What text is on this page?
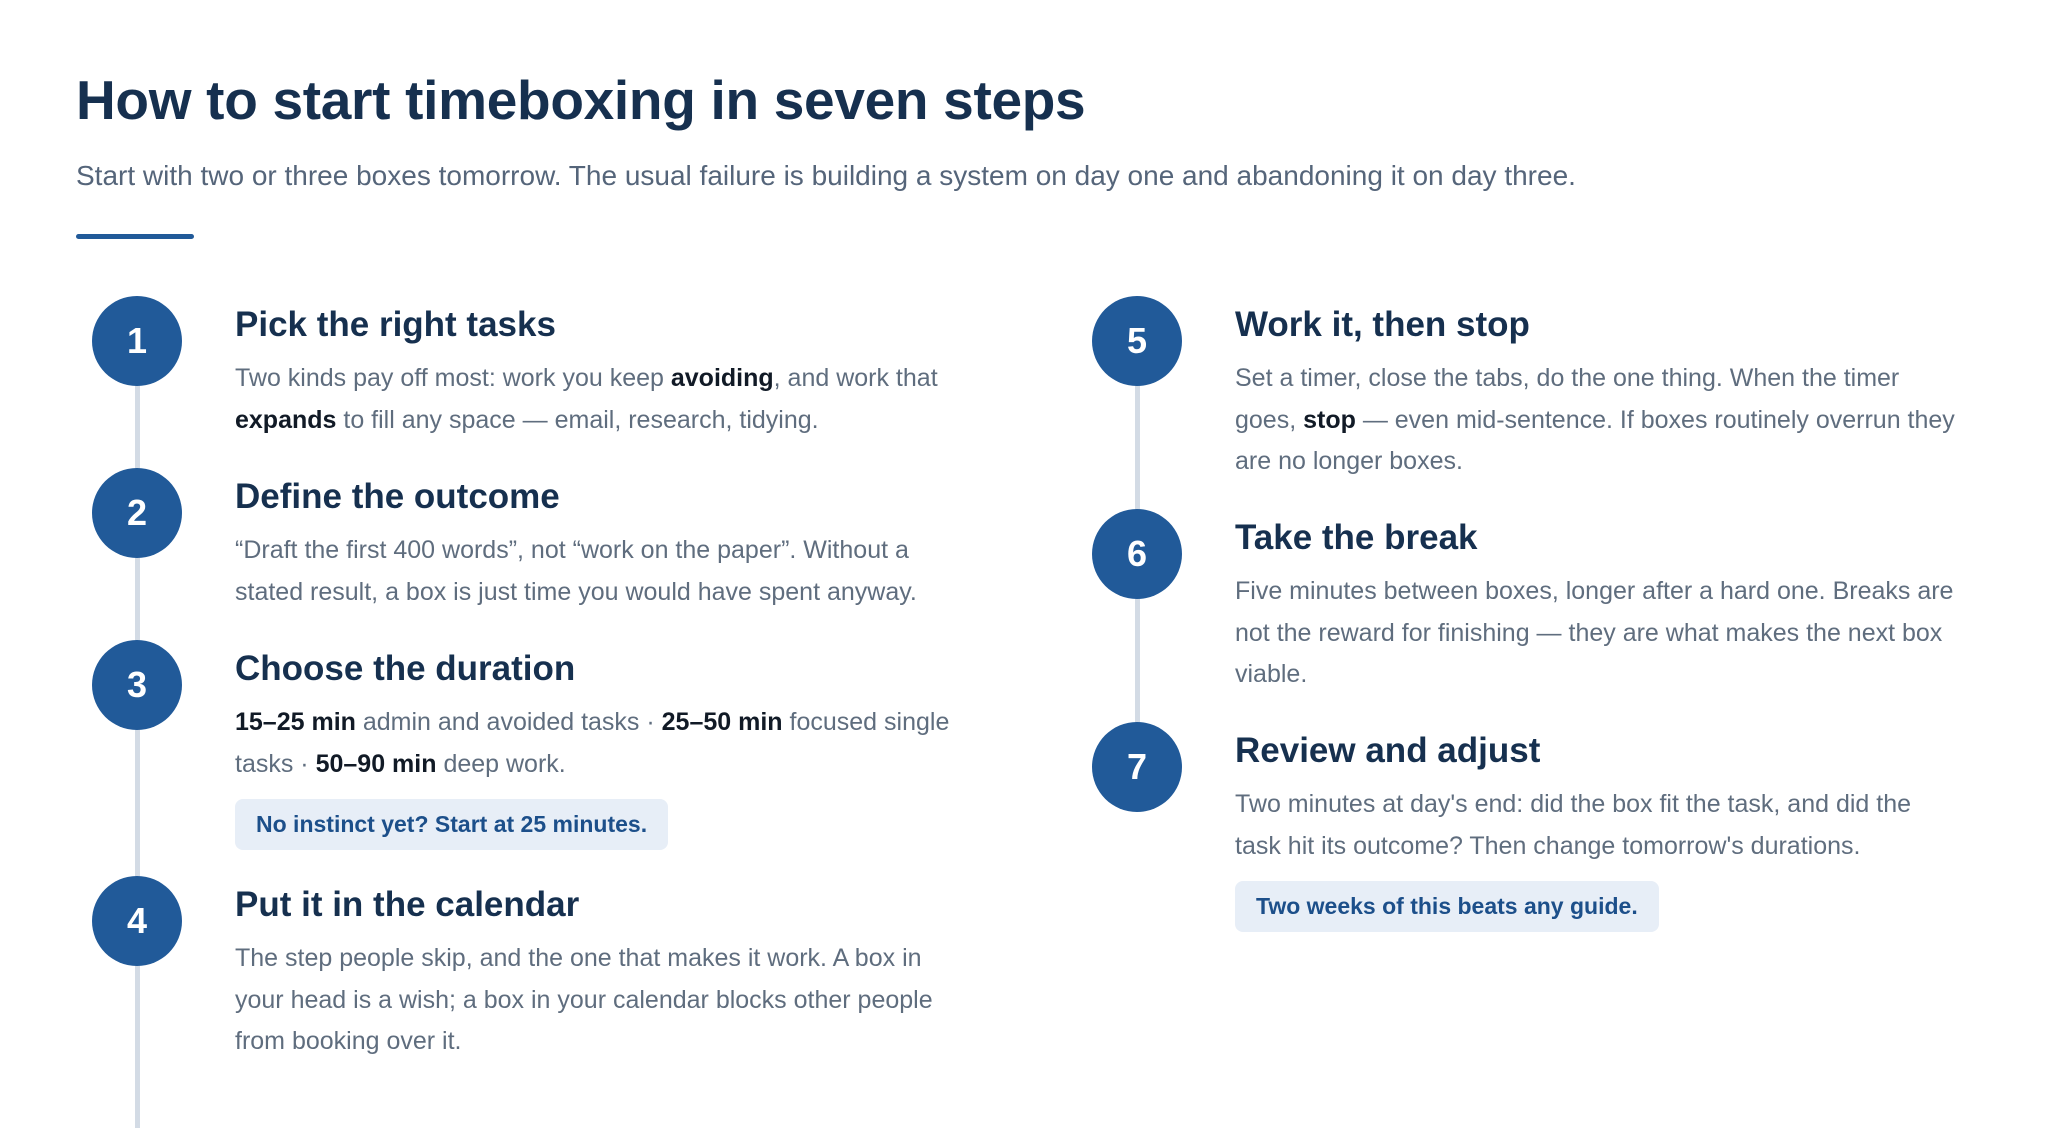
How to start timeboxing in seven steps

Start with two or three boxes tomorrow. The usual failure is building a system on day one and abandoning it on day three.

1	Pick the right tasks
Two kinds pay off most: work you keep avoiding, and work that
expands to fill any space — email, research, tidying.
2	Define the outcome
“Draft the first 400 words”, not “work on the paper”. Without a
stated result, a box is just time you would have spent anyway.
3	Choose the duration
15–25 min admin and avoided tasks · 25–50 min focused single
tasks · 50–90 min deep work.
No instinct yet? Start at 25 minutes.
4	Put it in the calendar
The step people skip, and the one that makes it work. A box in
your head is a wish; a box in your calendar blocks other people
from booking over it.
5	Work it, then stop
Set a timer, close the tabs, do the one thing. When the timer
goes, stop — even mid-sentence. If boxes routinely overrun they
are no longer boxes.
6	Take the break
Five minutes between boxes, longer after a hard one. Breaks are
not the reward for finishing — they are what makes the next box
viable.
7	Review and adjust
Two minutes at day's end: did the box fit the task, and did the
task hit its outcome? Then change tomorrow's durations.
Two weeks of this beats any guide.
